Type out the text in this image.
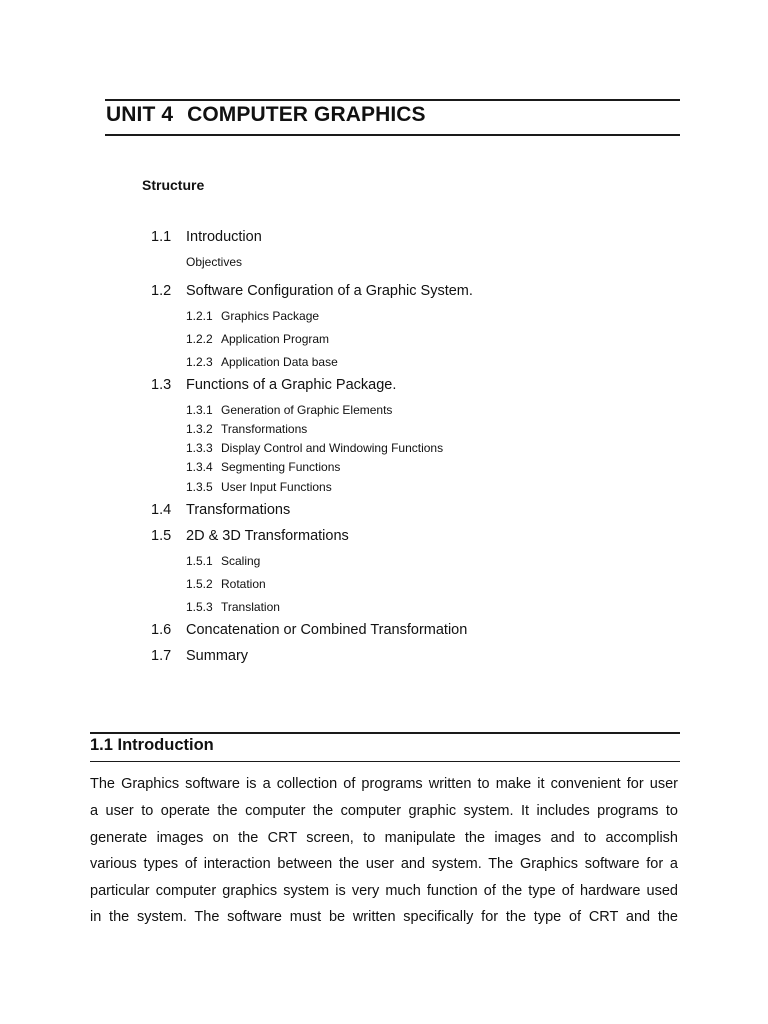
UNIT 4 COMPUTER GRAPHICS
Structure
1.1 Introduction
Objectives
1.2 Software Configuration of a Graphic System.
1.2.1 Graphics Package
1.2.2 Application Program
1.2.3 Application Data base
1.3 Functions of a Graphic Package.
1.3.1 Generation of Graphic Elements
1.3.2 Transformations
1.3.3 Display Control and Windowing Functions
1.3.4 Segmenting Functions
1.3.5 User Input Functions
1.4 Transformations
1.5 2D & 3D Transformations
1.5.1 Scaling
1.5.2 Rotation
1.5.3 Translation
1.6 Concatenation or Combined Transformation
1.7 Summary
1.1 Introduction
The Graphics software is a collection of programs written to make it convenient for user
a user to operate the computer the computer graphic system. It includes programs to
generate images on the CRT screen, to manipulate the images and to accomplish
various types of interaction between the user and system. The Graphics software for a
particular computer graphics system is very much function of the type of hardware used
in the system. The software must be written specifically for the type of CRT and the
